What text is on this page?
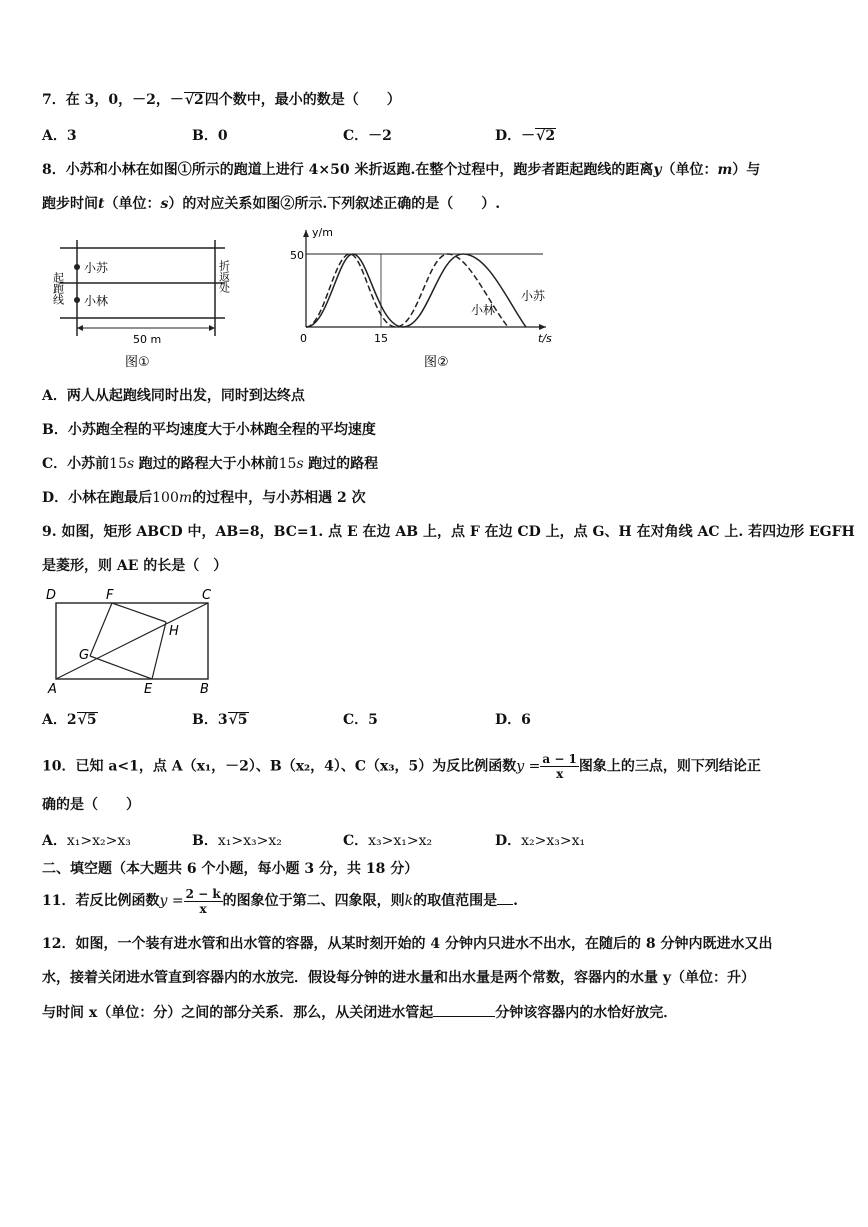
7．在 3，0，－2，－√2四个数中，最小的数是（　　）
A．3	B．0	C．－2	D．－√2
8．小苏和小林在如图①所示的跑道上进行 4×50 米折返跑.在整个过程中，跑步者距起跑线的距离y（单位：m）与
跑步时间t（单位：s）的对应关系如图②所示.下列叙述正确的是（　　）.
小苏
小林
起跑线	折返处
50 m
图①
y/m
50
0	15	t/s
小林
小苏
图②
A．两人从起跑线同时出发，同时到达终点
B．小苏跑全程的平均速度大于小林跑全程的平均速度
C．小苏前15s 跑过的路程大于小林前15s 跑过的路程
D．小林在跑最后100m的过程中，与小苏相遇 2 次
9. 如图，矩形 ABCD 中，AB=8，BC=1. 点 E 在边 AB 上，点 F 在边 CD 上，点 G、H 在对角线 AC 上. 若四边形 EGFH
是菱形，则 AE 的长是（　）
D	F	C
H
G
A	E	B
A．2√5	B．3√5	C．5	D．6
10．已知 a<1，点 A（x₁，－2）、B（x₂，4）、C（x₃，5）为反比例函数$y = \frac{a - 1}{x}$ 图象上的三点，则下列结论正
确的是（　　）
A．x₁>x₂>x₃	B．x₁>x₃>x₂	C．x₃>x₁>x₂	D．x₂>x₃>x₁
二、填空题（本大题共 6 个小题，每小题 3 分，共 18 分）
11．若反比例函数$y = \frac{2 - k}{x}$ 的图象位于第二、四象限，则k的取值范围是 .
12．如图，一个装有进水管和出水管的容器，从某时刻开始的 4 分钟内只进水不出水，在随后的 8 分钟内既进水又出
水，接着关闭进水管直到容器内的水放完．假设每分钟的进水量和出水量是两个常数，容器内的水量 y（单位：升）
与时间 x（单位：分）之间的部分关系．那么，从关闭进水管起	分钟该容器内的水恰好放完．
